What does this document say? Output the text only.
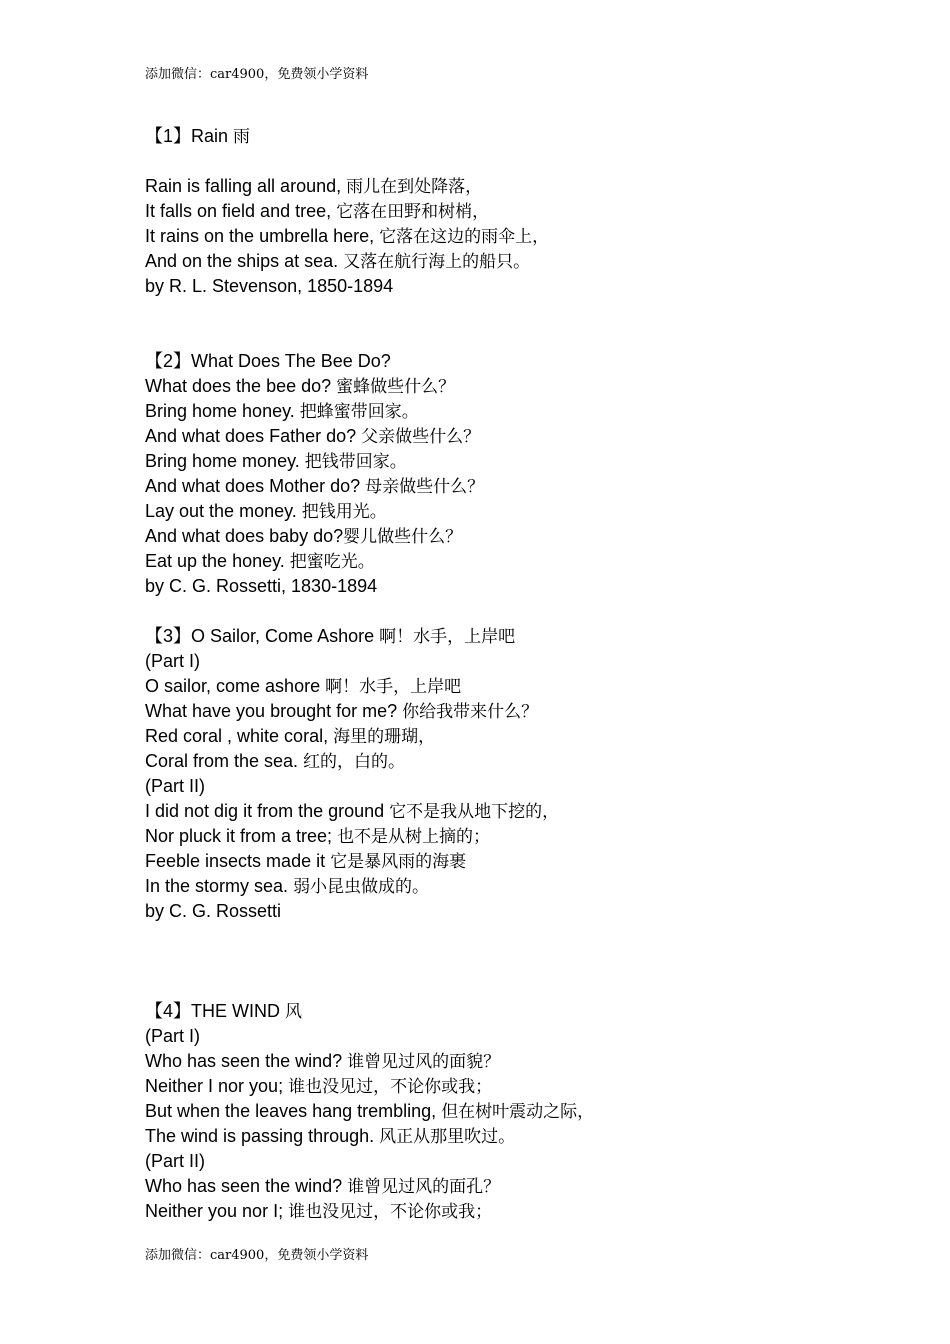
添加微信：car4900，免费领小学资料
【1】Rain 雨
Rain is falling all around, 雨儿在到处降落，
It falls on field and tree, 它落在田野和树梢，
It rains on the umbrella here, 它落在这边的雨伞上，
And on the ships at sea. 又落在航行海上的船只。
by R. L. Stevenson, 1850-1894
【2】What Does The Bee Do?
What does the bee do? 蜜蜂做些什么？
Bring home honey. 把蜂蜜带回家。
And what does Father do? 父亲做些什么？
Bring home money. 把钱带回家。
And what does Mother do? 母亲做些什么？
Lay out the money. 把钱用光。
And what does baby do?婴儿做些什么？
Eat up the honey. 把蜜吃光。
by C. G. Rossetti, 1830-1894
【3】O Sailor, Come Ashore 啊！水手，上岸吧
(Part I)
O sailor, come ashore 啊！水手，上岸吧
What have you brought for me? 你给我带来什么？
Red coral , white coral, 海里的珊瑚，
Coral from the sea. 红的，白的。
(Part II)
I did not dig it from the ground 它不是我从地下挖的，
Nor pluck it from a tree; 也不是从树上摘的；
Feeble insects made it 它是暴风雨的海裹
In the stormy sea. 弱小昆虫做成的。
by C. G. Rossetti
【4】THE WIND 风
(Part I)
Who has seen the wind? 谁曾见过风的面貌？
Neither I nor you; 谁也没见过，不论你或我；
But when the leaves hang trembling, 但在树叶震动之际，
The wind is passing through. 风正从那里吹过。
(Part II)
Who has seen the wind? 谁曾见过风的面孔？
Neither you nor I; 谁也没见过，不论你或我；
添加微信：car4900，免费领小学资料
